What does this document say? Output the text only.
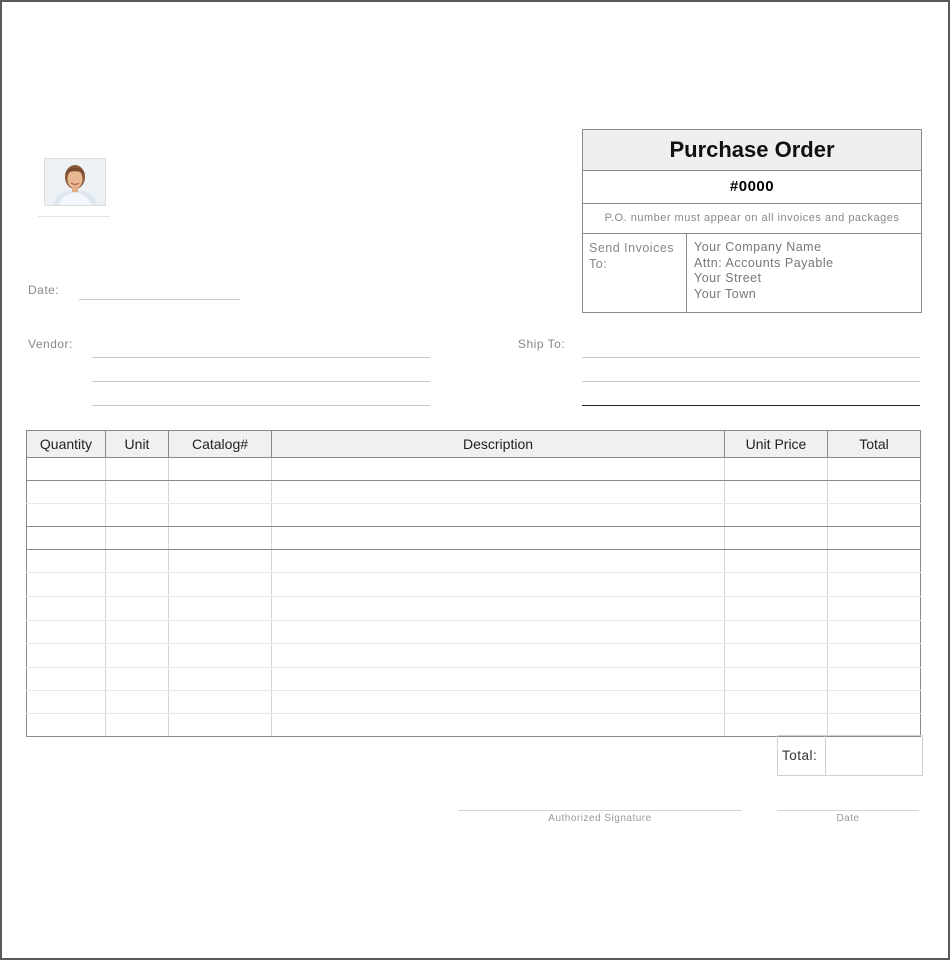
Purchase Order
#0000
P.O. number must appear on all invoices and packages
Send Invoices To:
Your Company Name
Attn: Accounts Payable
Your Street
Your Town
Date:
Vendor:	Ship To:
Quantity	Unit	Catalog#	Description	Unit Price	Total

Total:
Authorized Signature	Date
